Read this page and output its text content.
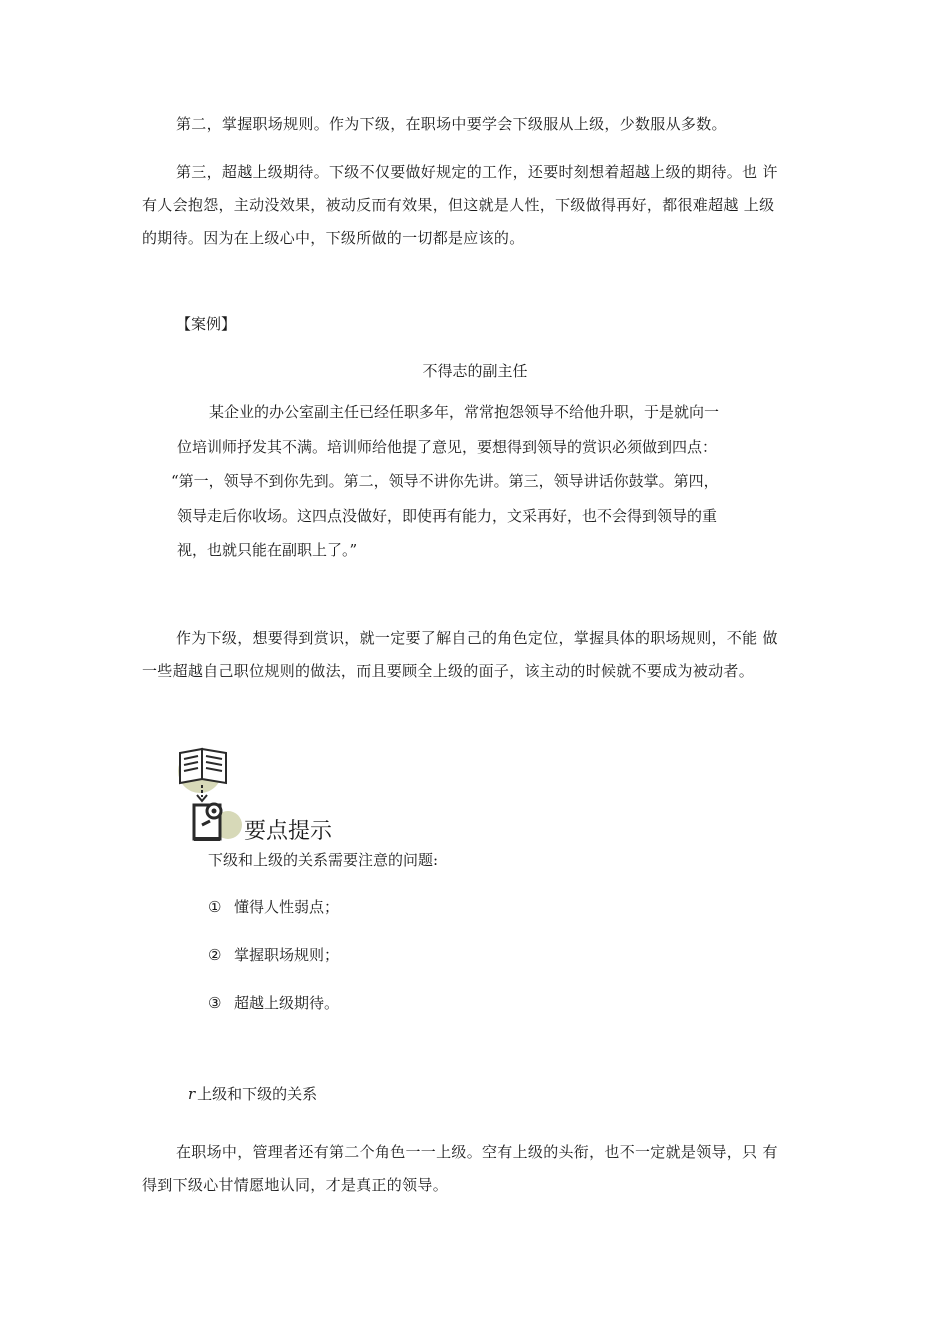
第二，掌握职场规则。作为下级，在职场中要学会下级服从上级，少数服从多数。
第三，超越上级期待。下级不仅要做好规定的工作，还要时刻想着超越上级的期待。也 许
有人会抱怨，主动没效果，被动反而有效果，但这就是人性，下级做得再好，都很难超越 上级
的期待。因为在上级心中，下级所做的一切都是应该的。
【案例】
不得志的副主任
某企业的办公室副主任已经任职多年，常常抱怨领导不给他升职，于是就向一
位培训师抒发其不满。培训师给他提了意见，要想得到领导的赏识必须做到四点：
“第一，领导不到你先到。第二，领导不讲你先讲。第三，领导讲话你鼓掌。第四，
领导走后你收场。这四点没做好，即使再有能力，文采再好，也不会得到领导的重
视，也就只能在副职上了。”
作为下级，想要得到赏识，就一定要了解自己的角色定位，掌握具体的职场规则，不能 做
一些超越自己职位规则的做法，而且要顾全上级的面子，该主动的时候就不要成为被动者。
要点提示
下级和上级的关系需要注意的问题:
① 懂得人性弱点；
② 掌握职场规则；
③ 超越上级期待。
r 上级和下级的关系
在职场中，管理者还有第二个角色一一上级。空有上级的头衔，也不一定就是领导，只 有
得到下级心甘情愿地认同，才是真正的领导。
